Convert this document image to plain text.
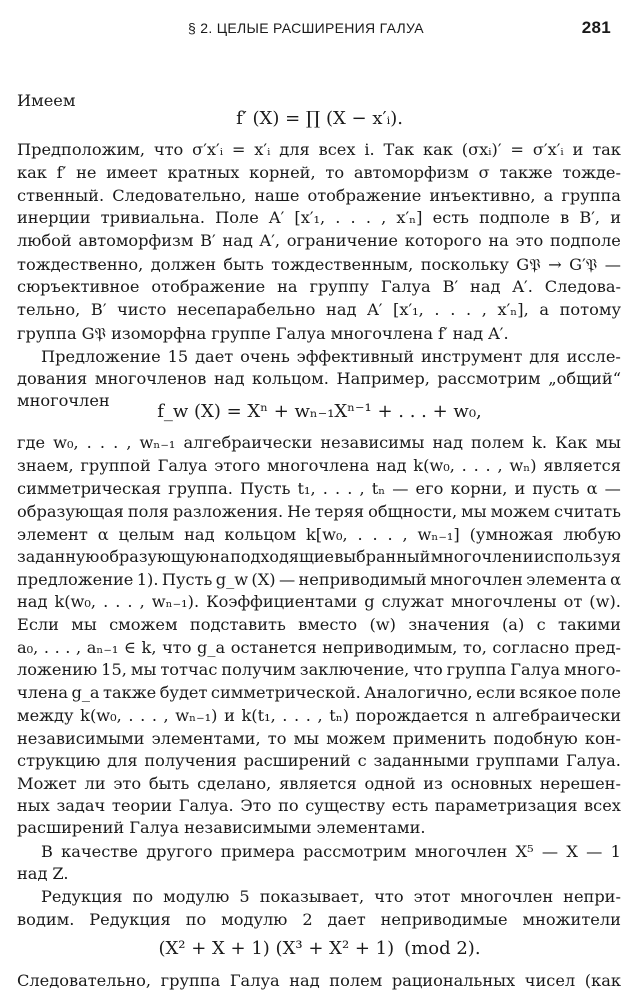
§ 2. ЦЕЛЫЕ РАСШИРЕНИЯ ГАЛУА	281
Имеем
f′ (X) = ∏ (X − x′ᵢ).
Предположим, что σ′x′ᵢ = x′ᵢ для всех i. Так как (σxᵢ)′ = σ′x′ᵢ и так
как f′ не имеет кратных корней, то автоморфизм σ также тожде-
ственный. Следовательно, наше отображение инъективно, а группа
инерции тривиальна. Поле A′ [x′₁, . . . , x′ₙ] есть подполе в B′, и
любой автоморфизм B′ над A′, ограничение которого на это подполе
тождественно, должен быть тождественным, поскольку G𝔓 → G′𝔓 —
сюръективное отображение на группу Галуа B′ над A′. Следова-
тельно, B′ чисто несепарабельно над A′ [x′₁, . . . , x′ₙ], а потому
группа G𝔓 изоморфна группе Галуа многочлена f′ над A′.
Предложение 15 дает очень эффективный инструмент для иссле-
дования многочленов над кольцом. Например, рассмотрим „общий“
многочлен
f_w (X) = Xⁿ + wₙ₋₁Xⁿ⁻¹ + . . . + w₀,
где w₀, . . . , wₙ₋₁ алгебраически независимы над полем k. Как мы
знаем, группой Галуа этого многочлена над k(w₀, . . . , wₙ) является
симметрическая группа. Пусть t₁, . . . , tₙ — его корни, и пусть α —
образующая поля разложения. Не теряя общности, мы можем считать
элемент α целым над кольцом k[w₀, . . . , wₙ₋₁] (умножая любую
заданную образующую на подходящие выбранный многочлен и используя
предложение 1). Пусть g_w (X) — неприводимый многочлен элемента α
над k(w₀, . . . , wₙ₋₁). Коэффициентами g служат многочлены от (w).
Если мы сможем подставить вместо (w) значения (a) с такими
a₀, . . . , aₙ₋₁ ∈ k, что g_a останется неприводимым, то, согласно пред-
ложению 15, мы тотчас получим заключение, что группа Галуа много-
члена g_a также будет симметрической. Аналогично, если всякое поле
между k(w₀, . . . , wₙ₋₁) и k(t₁, . . . , tₙ) порождается n алгебраически
независимыми элементами, то мы можем применить подобную кон-
струкцию для получения расширений с заданными группами Галуа.
Может ли это быть сделано, является одной из основных нерешен-
ных задач теории Галуа. Это по существу есть параметризация всех
расширений Галуа независимыми элементами.
В качестве другого примера рассмотрим многочлен X⁵ — X — 1
над Z.
Редукция по модулю 5 показывает, что этот многочлен непри-
водим. Редукция по модулю 2 дает неприводимые множители
(X² + X + 1) (X³ + X² + 1) (mod 2).
Следовательно, группа Галуа над полем рациональных чисел (как
